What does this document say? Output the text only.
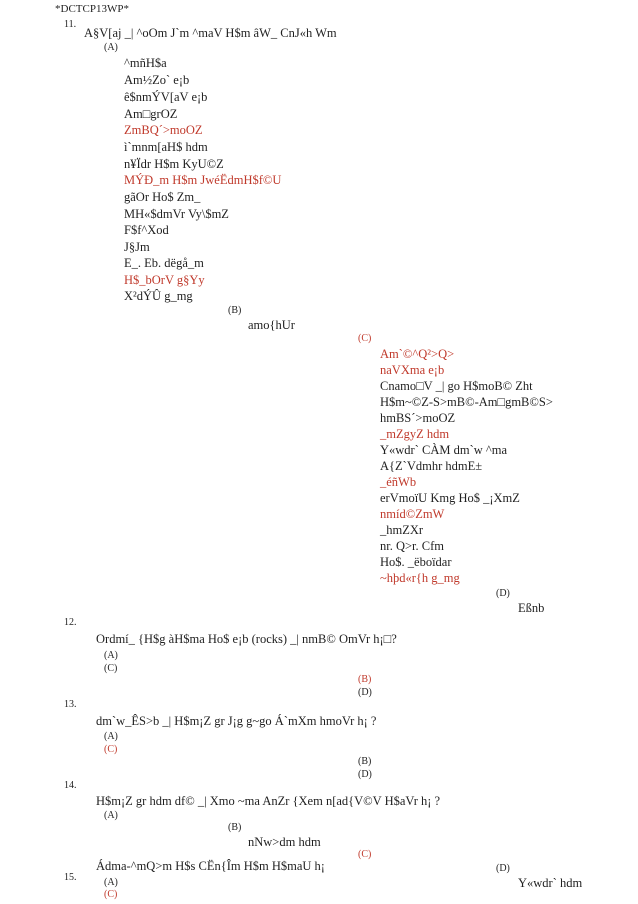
*DCTCP13WP*
11.
A§V[aj _| ^oOm J`m ^maV H$m âW_ CnJ«h Wm
(A)
^mñH$a
Am½Zo` e¡b
ê$nmÝV[aV e¡b
Am□grOZ
ZmBQ´>moOZ
ì`mnm[aH$ hdm
n¥Ïdr H$m KyU©Z
MÝÐ_m H$m JwéËdmH$f©U
gãOr Ho$ Zm_
MH«$dmVr Vy\$mZ
F$f^Xod
J§Jm
E_. Eb. dëgå_m
H$_bOrV g§Yy
X²dÝÛ g_mg
(B)
amo{hUr
(C)
Am`©^Q²>Q>
naVXma e¡b
Cnamo□V _| go H$moB© Zht
H$m~©Z-S>mB©-Am□gmB©S>
hmBS´>moOZ
_mZgyZ hdm
Y«wdr` CÀM dm`w ^ma
A{Z`Vdmhr hdmE±
_éñWb
erVmoïU Kmg Ho$ _¡XmZ
nmíd©ZmW
_hmZXr
nr. Q>r. Cfm
Ho$. _ëboïdar
~hþd«r{h g_mg
(D)
Eßnb
12.
Ordmí_ {H$g àH$ma Ho$ e¡b (rocks) _| nmB© OmVr h¡□?
(A)
(C)
(B)
(D)
13.
dm`w_ÊS>b _| H$m¡Z gr J¡g g~go Á`mXm hmoVr h¡ ?
(A)
(C)
(B)
(D)
14.
H$m¡Z gr hdm df© _| Xmo ~ma AnZr {Xem n[ad{V©V H$aVr h¡ ?
(A)
(B)
nNw>dm hdm
(C)
(D)
Y«wdr` hdm
15.
Ádma-^mQ>m H$s CËn{Îm H$m H$maU h¡
(A)
(C)
